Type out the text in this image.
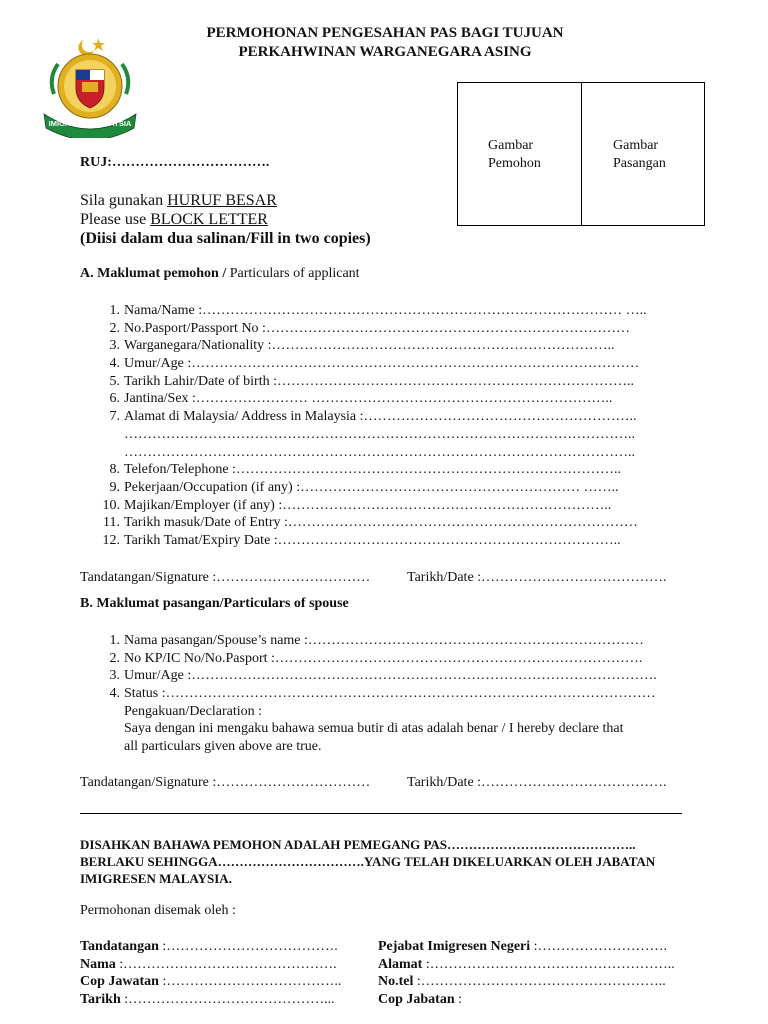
PERMOHONAN PENGESAHAN PAS BAGI TUJUAN
PERKAHWINAN WARGANEGARA ASING
IMIGRESEN MALAYSIA
Gambar
Pemohon
Gambar
Pasangan
RUJ:…………………………….
Sila gunakan HURUF BESAR
Please use BLOCK LETTER
(Diisi dalam dua salinan/Fill in two copies)
A. Maklumat pemohon / Particulars of applicant
1. Nama/Name :……………………………………………………………………………… …..
2. No.Pasport/Passport No :……………………………………………………………………
3. Warganegara/Nationality :………………………………………………………………..
4. Umur/Age :……………………………………………………………………………………
5. Tarikh Lahir/Date of birth :…………………………………………………………………..
6. Jantina/Sex :…………………… ………………………………………………………..
7. Alamat di Malaysia/ Address in Malaysia :…………………………………………………..
………………………………………………………………………………………………..
………………………………………………………………………………………………..
8. Telefon/Telephone :………………………………………………………………………..
9. Pekerjaan/Occupation (if any) :…………………………………………………… ……..
10. Majikan/Employer (if any) :……………………………………………………………..
11. Tarikh masuk/Date of Entry :…………………………………………………………………
12. Tarikh Tamat/Expiry Date :………………………………………………………………..
Tandatangan/Signature :……………………………	Tarikh/Date :………………………………….
B. Maklumat pasangan/Particulars of spouse
1. Nama pasangan/Spouse’s name :………………………………………………………………
2. No KP/IC No/No.Pasport :…………………………………………………………………….
3. Umur/Age :……………………………………………………………………………………….
4. Status :……………………………………………………………………………………………
Pengakuan/Declaration :
Saya dengan ini mengaku bahawa semua butir di atas adalah benar / I hereby declare that
all particulars given above are true.
Tandatangan/Signature :……………………………	Tarikh/Date :………………………………….
DISAHKAN BAHAWA PEMOHON ADALAH PEMEGANG PAS……………………………………..
BERLAKU SEHINGGA…………………………….YANG TELAH DIKELUARKAN OLEH JABATAN
IMIGRESEN MALAYSIA.
Permohonan disemak oleh :
Tandatangan :……………………………….
Nama :……………………………………….
Cop Jawatan :………………………………..
Tarikh :……………………………………...
Pejabat Imigresen Negeri :……………………….
Alamat :……………………………………………..
No.tel :……………………………………………..
Cop Jabatan :
